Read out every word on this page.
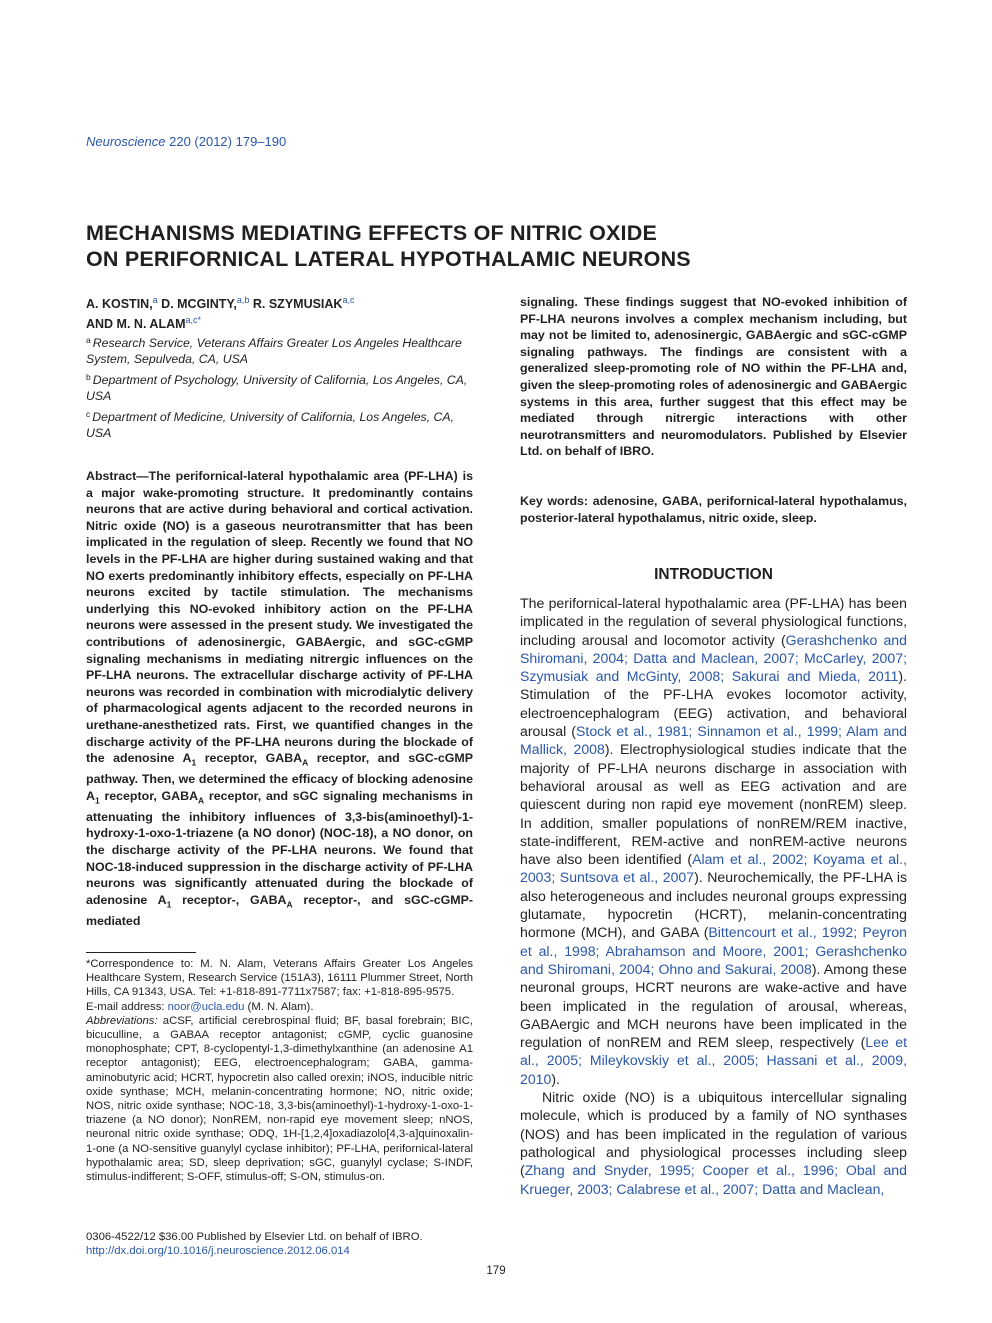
Neuroscience 220 (2012) 179–190
MECHANISMS MEDIATING EFFECTS OF NITRIC OXIDE
ON PERIFORNICAL LATERAL HYPOTHALAMIC NEURONS
A. KOSTIN,$^a$ D. MCGINTY,$^{a,b}$ R. SZYMUSIAK$^{a,c}$
AND M. N. $ALAM^{a,c*}$
$^a$ Research Service, Veterans Affairs Greater Los Angeles Healthcare System, Sepulveda, CA, USA
$^b$ Department of Psychology, University of California, Los Angeles, CA, USA
$^c$ Department of Medicine, University of California, Los Angeles, CA, USA
Abstract—The perifornical-lateral hypothalamic area (PF-LHA) is a major wake-promoting structure. It predominantly contains neurons that are active during behavioral and cortical activation. Nitric oxide (NO) is a gaseous neurotransmitter that has been implicated in the regulation of sleep. Recently we found that NO levels in the PF-LHA are higher during sustained waking and that NO exerts predominantly inhibitory effects, especially on PF-LHA neurons excited by tactile stimulation. The mechanisms underlying this NO-evoked inhibitory action on the PF-LHA neurons were assessed in the present study. We investigated the contributions of adenosinergic, GABAergic, and sGC-cGMP signaling mechanisms in mediating nitrergic influences on the PF-LHA neurons. The extracellular discharge activity of PF-LHA neurons was recorded in combination with microdialytic delivery of pharmacological agents adjacent to the recorded neurons in urethane-anesthetized rats. First, we quantified changes in the discharge activity of the PF-LHA neurons during the blockade of the adenosine $A_1$ receptor, $GABA_A$ receptor, and sGC-cGMP pathway. Then, we determined the efficacy of blocking adenosine $A_1$ receptor, $GABA_A$ receptor, and sGC signaling mechanisms in attenuating the inhibitory influences of 3,3-bis(aminoethyl)-1-hydroxy-1-oxo-1-triazene (a NO donor) (NOC-18), a NO donor, on the discharge activity of the PF-LHA neurons. We found that NOC-18-induced suppression in the discharge activity of PF-LHA neurons was significantly attenuated during the blockade of adenosine $A_1$ receptor-, $GABA_A$ receptor-, and sGC-cGMP-mediated
signaling. These findings suggest that NO-evoked inhibition of PF-LHA neurons involves a complex mechanism including, but may not be limited to, adenosinergic, GABAergic and sGC-cGMP signaling pathways. The findings are consistent with a generalized sleep-promoting role of NO within the PF-LHA and, given the sleep-promoting roles of adenosinergic and GABAergic systems in this area, further suggest that this effect may be mediated through nitrergic interactions with other neurotransmitters and neuromodulators. Published by Elsevier Ltd. on behalf of IBRO.
Key words: adenosine, GABA, perifornical-lateral hypothalamus, posterior-lateral hypothalamus, nitric oxide, sleep.
INTRODUCTION

The perifornical-lateral hypothalamic area (PF-LHA) has been implicated in the regulation of several physiological functions, including arousal and locomotor activity (Gerashchenko and Shiromani, 2004; Datta and Maclean, 2007; McCarley, 2007; Szymusiak and McGinty, 2008; Sakurai and Mieda, 2011). Stimulation of the PF-LHA evokes locomotor activity, electroencephalogram (EEG) activation, and behavioral arousal (Stock et al., 1981; Sinnamon et al., 1999; Alam and Mallick, 2008). Electrophysiological studies indicate that the majority of PF-LHA neurons discharge in association with behavioral arousal as well as EEG activation and are quiescent during non rapid eye movement (nonREM) sleep. In addition, smaller populations of nonREM/REM inactive, state-indifferent, REM-active and nonREM-active neurons have also been identified (Alam et al., 2002; Koyama et al., 2003; Suntsova et al., 2007). Neurochemically, the PF-LHA is also heterogeneous and includes neuronal groups expressing glutamate, hypocretin (HCRT), melanin-concentrating hormone (MCH), and GABA (Bittencourt et al., 1992; Peyron et al., 1998; Abrahamson and Moore, 2001; Gerashchenko and Shiromani, 2004; Ohno and Sakurai, 2008). Among these neuronal groups, HCRT neurons are wake-active and have been implicated in the regulation of arousal, whereas, GABAergic and MCH neurons have been implicated in the regulation of nonREM and REM sleep, respectively (Lee et al., 2005; Mileykovskiy et al., 2005; Hassani et al., 2009, 2010).

Nitric oxide (NO) is a ubiquitous intercellular signaling molecule, which is produced by a family of NO synthases (NOS) and has been implicated in the regulation of various pathological and physiological processes including sleep (Zhang and Snyder, 1995; Cooper et al., 1996; Obal and Krueger, 2003; Calabrese et al., 2007; Datta and Maclean,

*Correspondence to: M. N. Alam, Veterans Affairs Greater Los Angeles Healthcare System, Research Service (151A3), 16111 Plummer Street, North Hills, CA 91343, USA. Tel: +1-818-891-7711x7587; fax: +1-818-895-9575.

E-mail address: noor@ucla.edu (M. N. Alam).

Abbreviations: aCSF, artificial cerebrospinal fluid; BF, basal forebrain; BIC, bicuculline, a GABAA receptor antagonist; cGMP, cyclic guanosine monophosphate; CPT, 8-cyclopentyl-1,3-dimethylxanthine (an adenosine A1 receptor antagonist); EEG, electroencephalogram; GABA, gamma-aminobutyric acid; HCRT, hypocretin also called orexin; iNOS, inducible nitric oxide synthase; MCH, melanin-concentrating hormone; NO, nitric oxide; NOS, nitric oxide synthase; NOC-18, 3,3-bis(aminoethyl)-1-hydroxy-1-oxo-1-triazene (a NO donor); NonREM, non-rapid eye movement sleep; nNOS, neuronal nitric oxide synthase; ODQ, 1H-[1,2,4]oxadiazolo[4,3-a]quinoxalin-1-one (a NO-sensitive guanylyl cyclase inhibitor); PF-LHA, perifornical-lateral hypothalamic area; SD, sleep deprivation; sGC, guanylyl cyclase; S-INDF, stimulus-indifferent; S-OFF, stimulus-off; S-ON, stimulus-on.

0306-4522/12 $36.00 Published by Elsevier Ltd. on behalf of IBRO.
http://dx.doi.org/10.1016/j.neuroscience.2012.06.014
179
